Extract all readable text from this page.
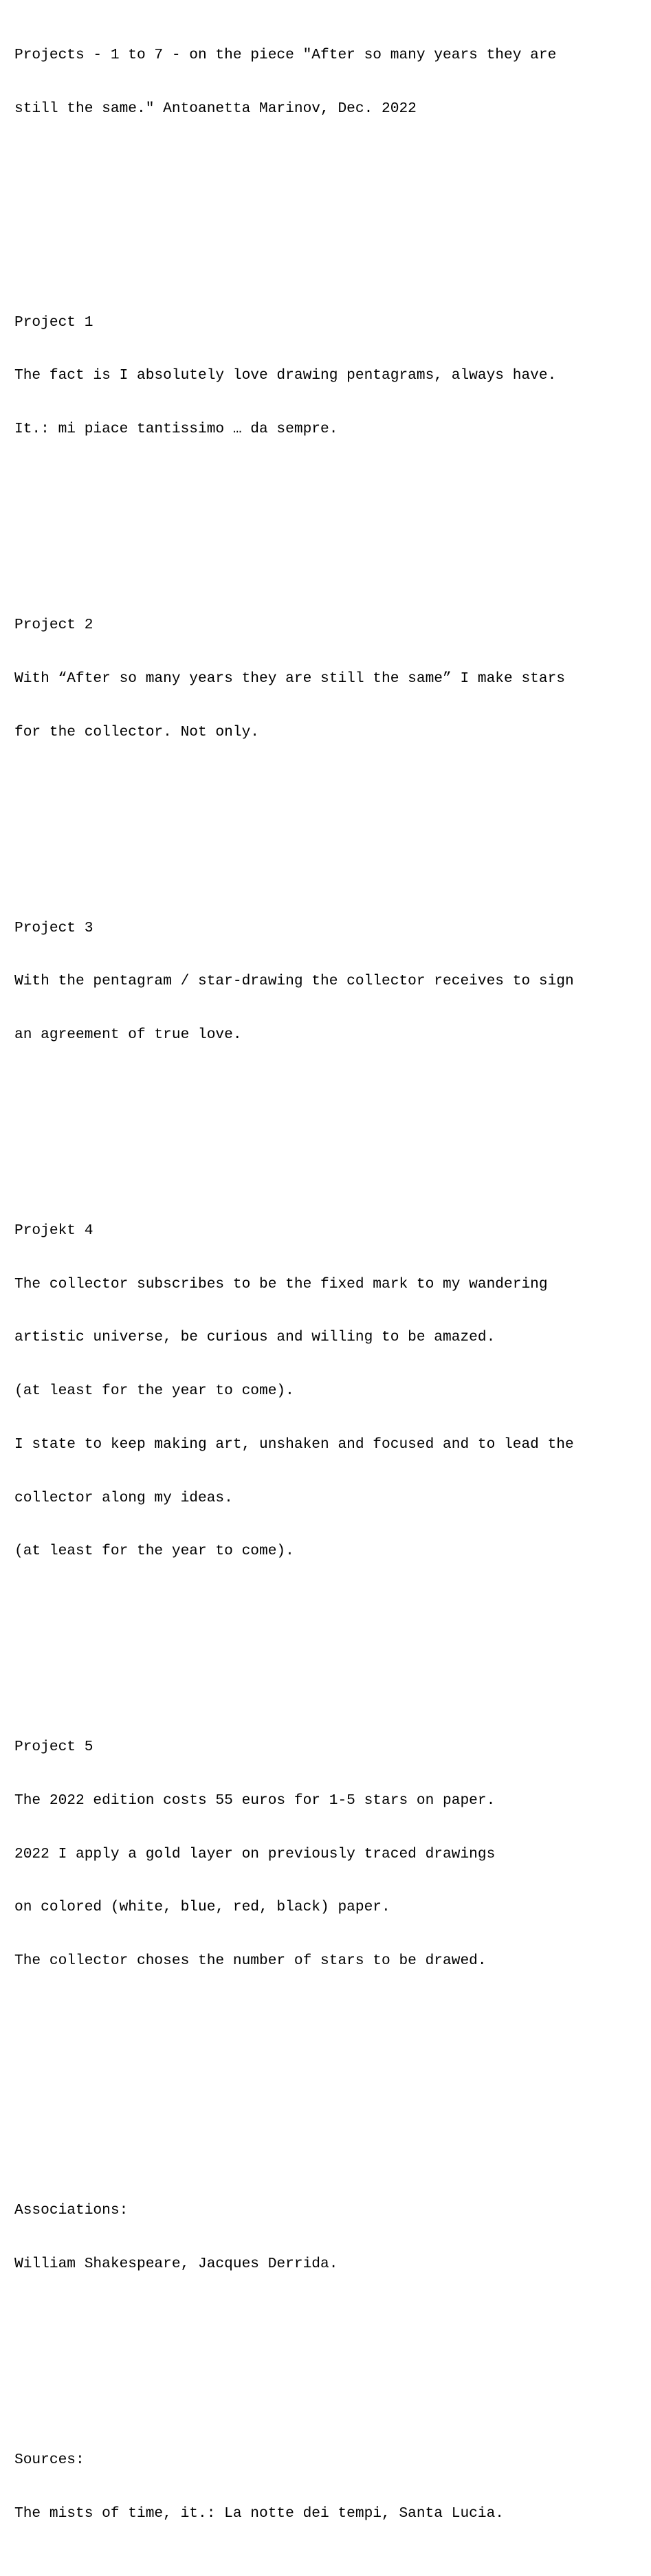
Projects - 1 to 7 - on the piece "After so many years they are

still the same." Antoanetta Marinov, Dec. 2022

Project 1

The fact is I absolutely love drawing pentagrams, always have.

It.: mi piace tantissimo … da sempre.

Project 2

With “After so many years they are still the same” I make stars

for the collector. Not only.

Project 3

With the pentagram / star-drawing the collector receives to sign

an agreement of true love.

Projekt 4

The collector subscribes to be the fixed mark to my wandering

artistic universe, be curious and willing to be amazed.

(at least for the year to come).

I state to keep making art, unshaken and focused and to lead the

collector along my ideas.

(at least for the year to come).

Project 5

The 2022 edition costs 55 euros for 1-5 stars on paper.

2022 I apply a gold layer on previously traced drawings

on colored (white, blue, red, black) paper.

The collector choses the number of stars to be drawed.

Associations:

William Shakespeare, Jacques Derrida.

Sources:

The mists of time, it.: La notte dei tempi, Santa Lucia.
